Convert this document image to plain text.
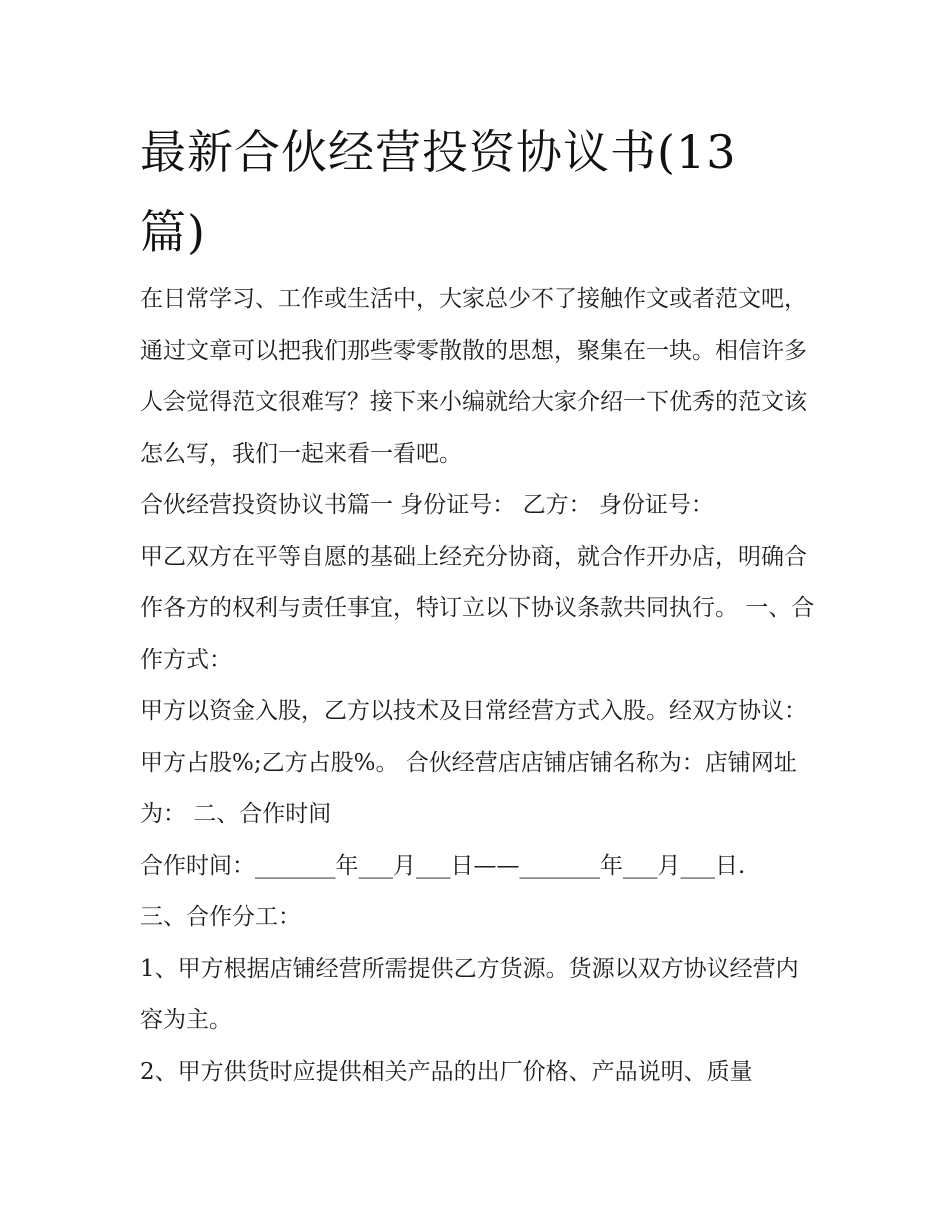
最新合伙经营投资协议书(13篇)

在日常学习、工作或生活中，大家总少不了接触作文或者范文吧，通过文章可以把我们那些零零散散的思想，聚集在一块。相信许多人会觉得范文很难写？接下来小编就给大家介绍一下优秀的范文该怎么写，我们一起来看一看吧。

合伙经营投资协议书篇一 身份证号： 乙方： 身份证号：

甲乙双方在平等自愿的基础上经充分协商，就合作开办店，明确合作各方的权利与责任事宜，特订立以下协议条款共同执行。 一、合作方式：

甲方以资金入股，乙方以技术及日常经营方式入股。经双方协议： 甲方占股%;乙方占股%。 合伙经营店店铺店铺名称为：店铺网址为： 二、合作时间

合作时间：_______年___月___日——_______年___月___日.

三、合作分工：

1、甲方根据店铺经营所需提供乙方货源。货源以双方协议经营内容为主。

2、甲方供货时应提供相关产品的出厂价格、产品说明、质量
